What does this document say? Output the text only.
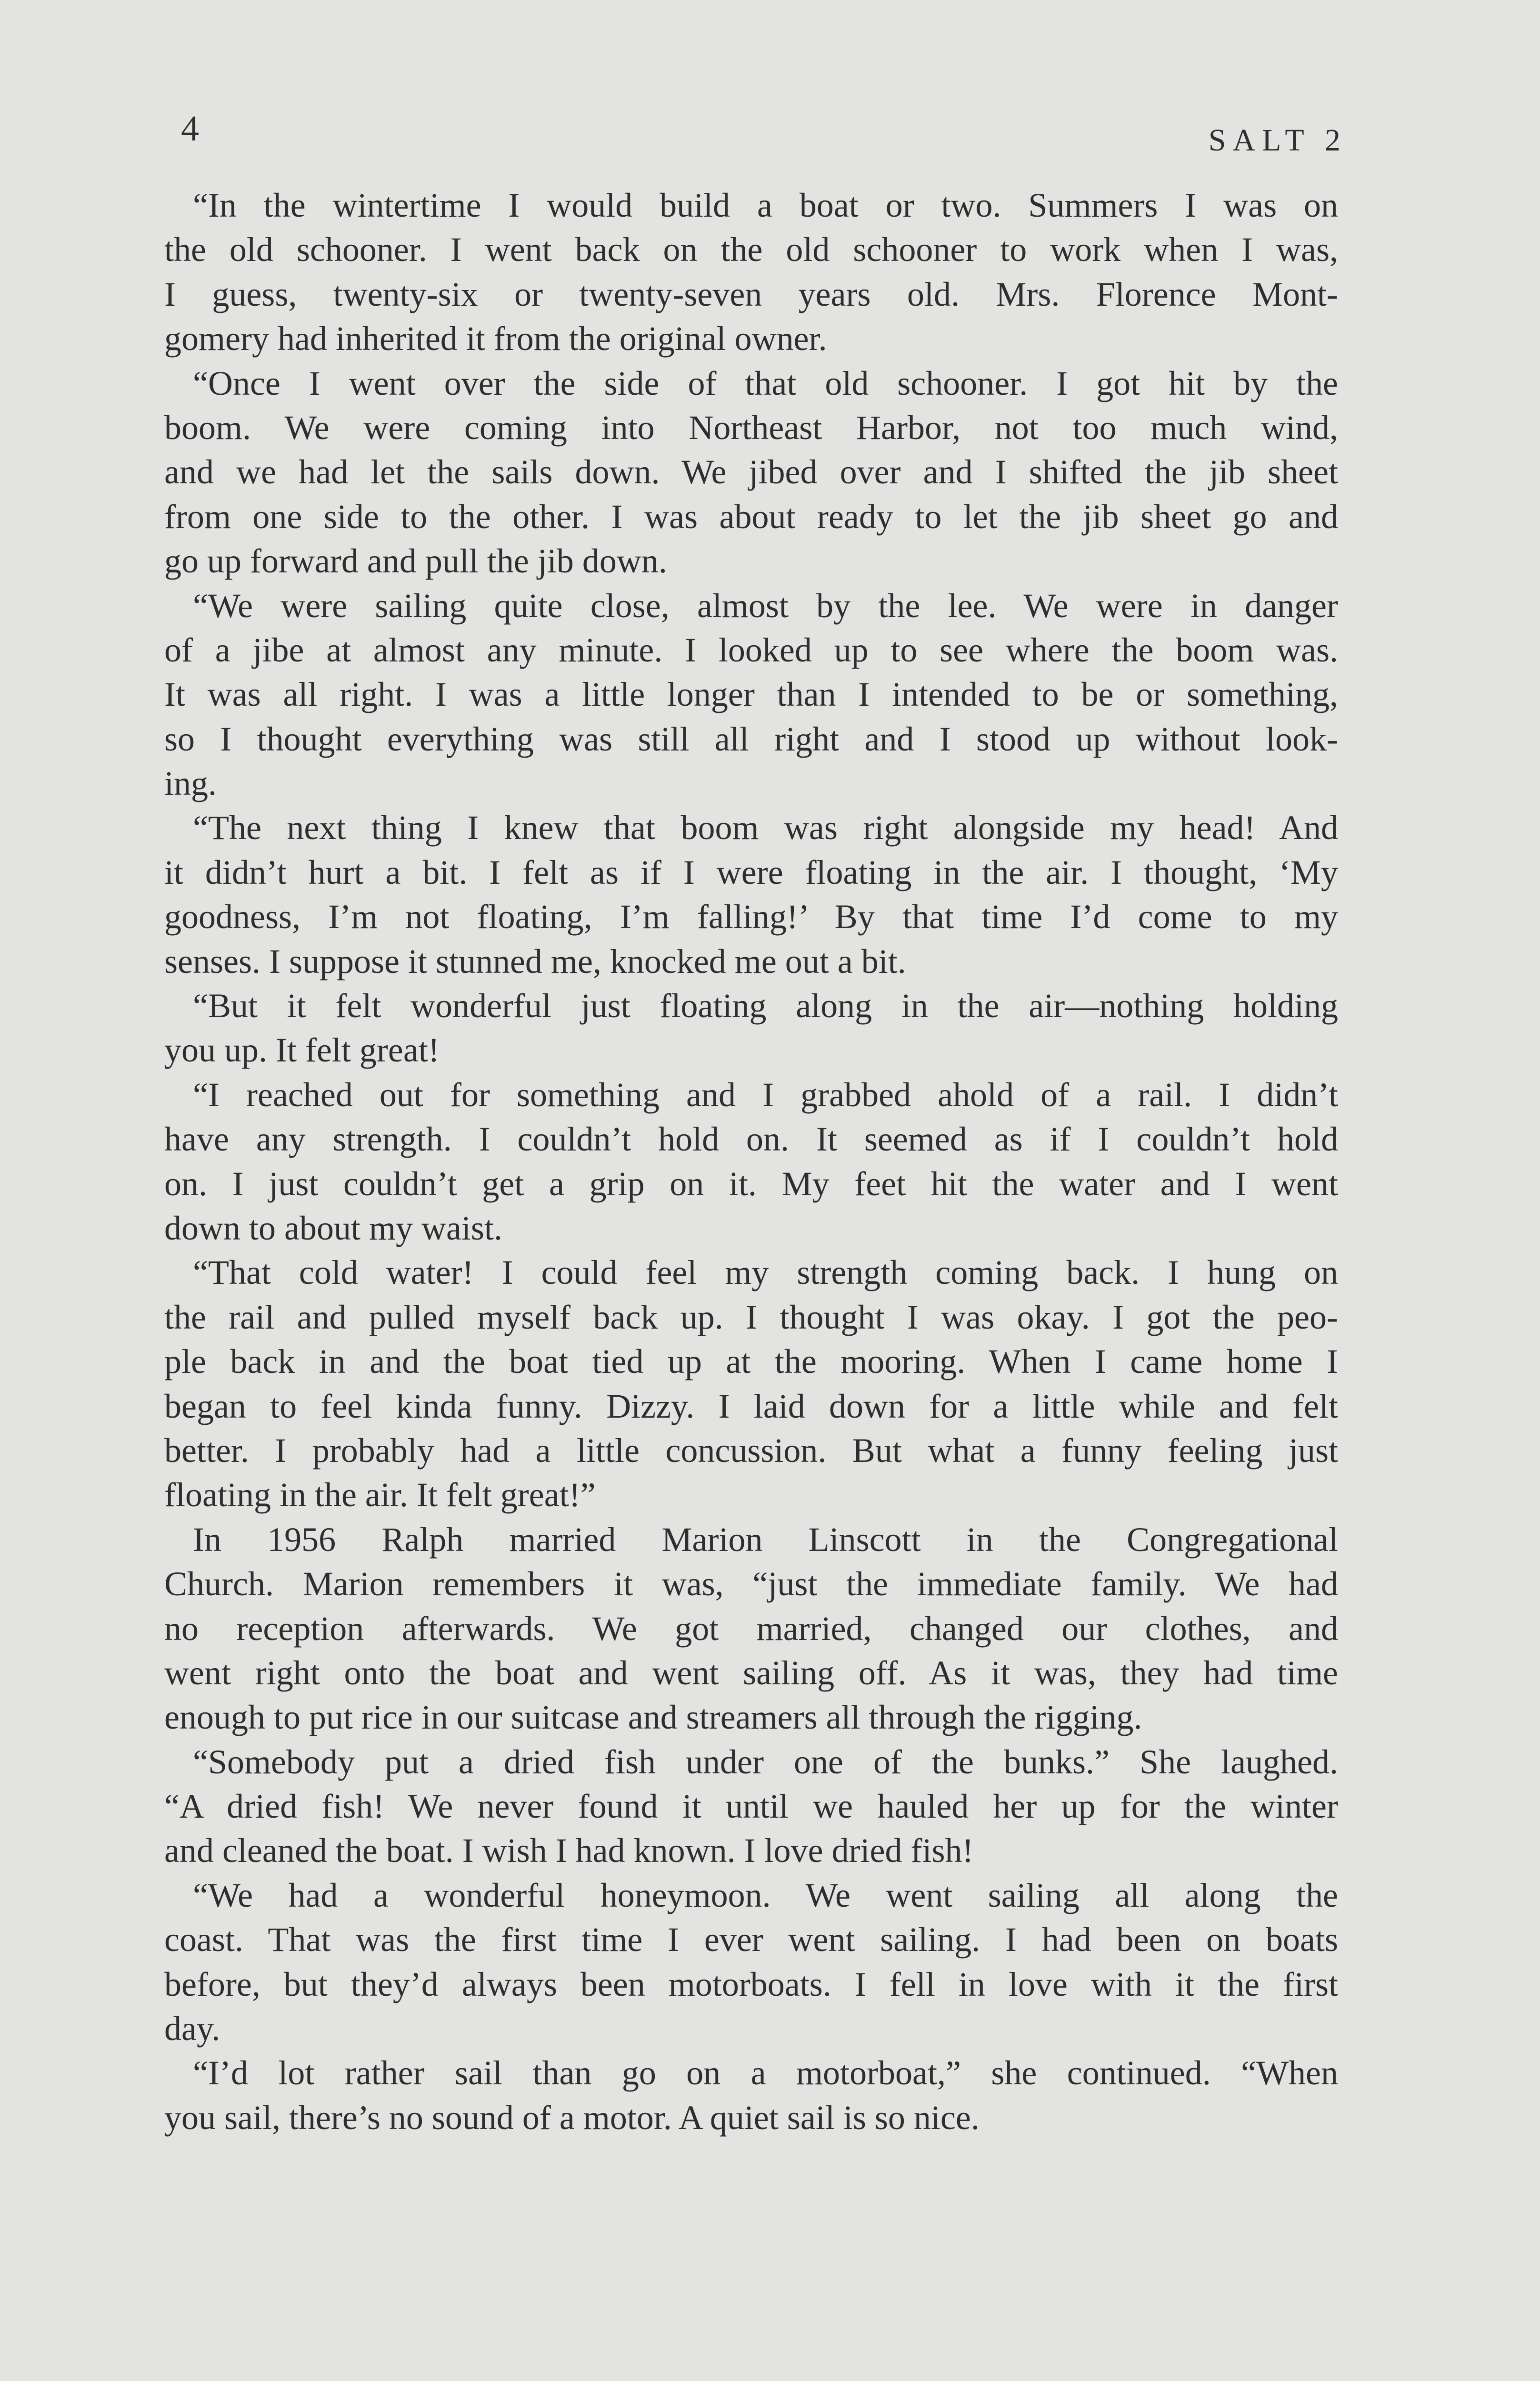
4	SALT 2
“In the wintertime I would build a boat or two. Summers I was on
the old schooner. I went back on the old schooner to work when I was,
I guess, twenty-six or twenty-seven years old. Mrs. Florence Mont-
gomery had inherited it from the original owner.
“Once I went over the side of that old schooner. I got hit by the
boom. We were coming into Northeast Harbor, not too much wind,
and we had let the sails down. We jibed over and I shifted the jib sheet
from one side to the other. I was about ready to let the jib sheet go and
go up forward and pull the jib down.
“We were sailing quite close, almost by the lee. We were in danger
of a jibe at almost any minute. I looked up to see where the boom was.
It was all right. I was a little longer than I intended to be or something,
so I thought everything was still all right and I stood up without look-
ing.
“The next thing I knew that boom was right alongside my head! And
it didn’t hurt a bit. I felt as if I were floating in the air. I thought, ‘My
goodness, I’m not floating, I’m falling!’ By that time I’d come to my
senses. I suppose it stunned me, knocked me out a bit.
“But it felt wonderful just floating along in the air—nothing holding
you up. It felt great!
“I reached out for something and I grabbed ahold of a rail. I didn’t
have any strength. I couldn’t hold on. It seemed as if I couldn’t hold
on. I just couldn’t get a grip on it. My feet hit the water and I went
down to about my waist.
“That cold water! I could feel my strength coming back. I hung on
the rail and pulled myself back up. I thought I was okay. I got the peo-
ple back in and the boat tied up at the mooring. When I came home I
began to feel kinda funny. Dizzy. I laid down for a little while and felt
better. I probably had a little concussion. But what a funny feeling just
floating in the air. It felt great!”
In 1956 Ralph married Marion Linscott in the Congregational
Church. Marion remembers it was, “just the immediate family. We had
no reception afterwards. We got married, changed our clothes, and
went right onto the boat and went sailing off. As it was, they had time
enough to put rice in our suitcase and streamers all through the rigging.
“Somebody put a dried fish under one of the bunks.” She laughed.
“A dried fish! We never found it until we hauled her up for the winter
and cleaned the boat. I wish I had known. I love dried fish!
“We had a wonderful honeymoon. We went sailing all along the
coast. That was the first time I ever went sailing. I had been on boats
before, but they’d always been motorboats. I fell in love with it the first
day.
“I’d lot rather sail than go on a motorboat,” she continued. “When
you sail, there’s no sound of a motor. A quiet sail is so nice.
